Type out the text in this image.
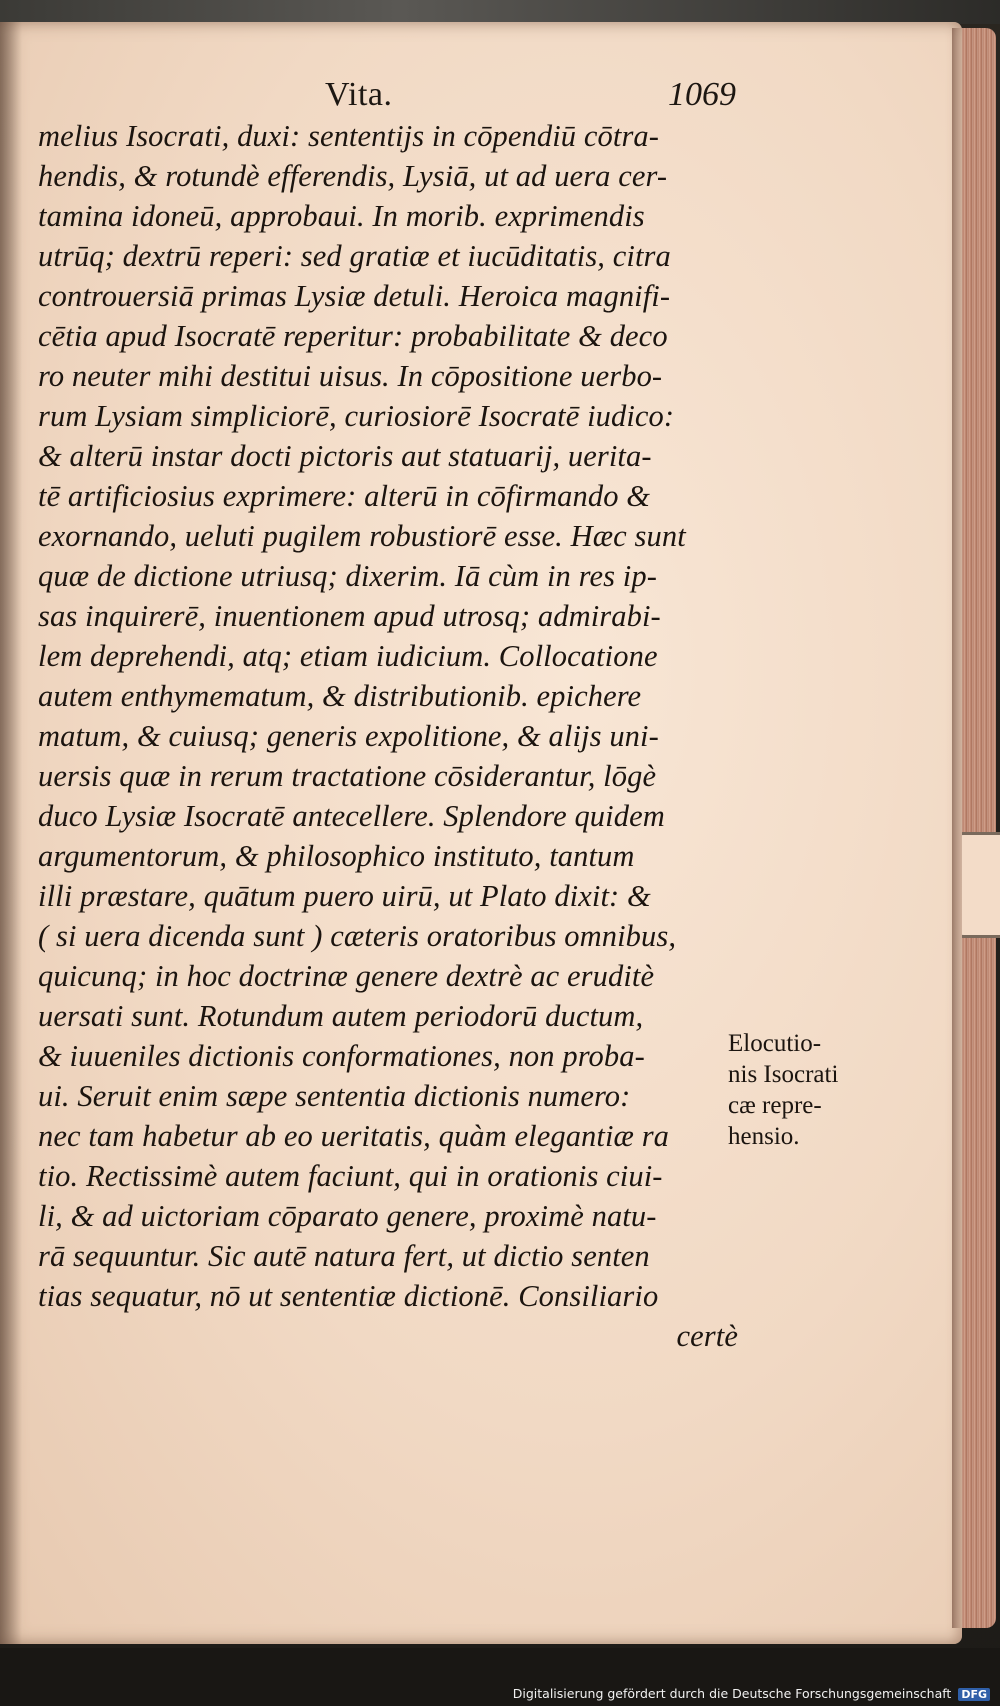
Vita.	1069
melius Isocrati, duxi: sententijs in cōpendiū cōtra-
hendis, & rotundè efferendis, Lysiā, ut ad uera cer-
tamina idoneū, approbaui. In morib. exprimendis
utrūq; dextrū reperi: sed gratiæ et iucūditatis, citra
controuersiā primas Lysiæ detuli. Heroica magnifi-
cētia apud Isocratē reperitur: probabilitate & deco
ro neuter mihi destitui uisus. In cōpositione uerbo-
rum Lysiam simpliciorē, curiosiorē Isocratē iudico:
& alterū instar docti pictoris aut statuarij, uerita-
tē artificiosius exprimere: alterū in cōfirmando &
exornando, ueluti pugilem robustiorē esse. Hæc sunt
quæ de dictione utriusq; dixerim. Iā cùm in res ip-
sas inquirerē, inuentionem apud utrosq; admirabi-
lem deprehendi, atq; etiam iudicium. Collocatione
autem enthymematum, & distributionib. epichere
matum, & cuiusq; generis expolitione, & alijs uni-
uersis quæ in rerum tractatione cōsiderantur, lōgè
duco Lysiæ Isocratē antecellere. Splendore quidem
argumentorum, & philosophico instituto, tantum
illi præstare, quātum puero uirū, ut Plato dixit: &
( si uera dicenda sunt ) cæteris oratoribus omnibus,
quicunq; in hoc doctrinæ genere dextrè ac eruditè
uersati sunt. Rotundum autem periodorū ductum,
& iuueniles dictionis conformationes, non proba-
ui. Seruit enim sæpe sententia dictionis numero:
nec tam habetur ab eo ueritatis, quàm elegantiæ ra
tio. Rectissimè autem faciunt, qui in orationis ciui-
li, & ad uictoriam cōparato genere, proximè natu-
rā sequuntur. Sic autē natura fert, ut dictio senten
tias sequatur, nō ut sententiæ dictionē. Consiliario
certè
Elocutio-
nis Isocrati
cæ repre-
hensio.
Digitalisierung gefördert durch die Deutsche Forschungsgemeinschaft DFG
